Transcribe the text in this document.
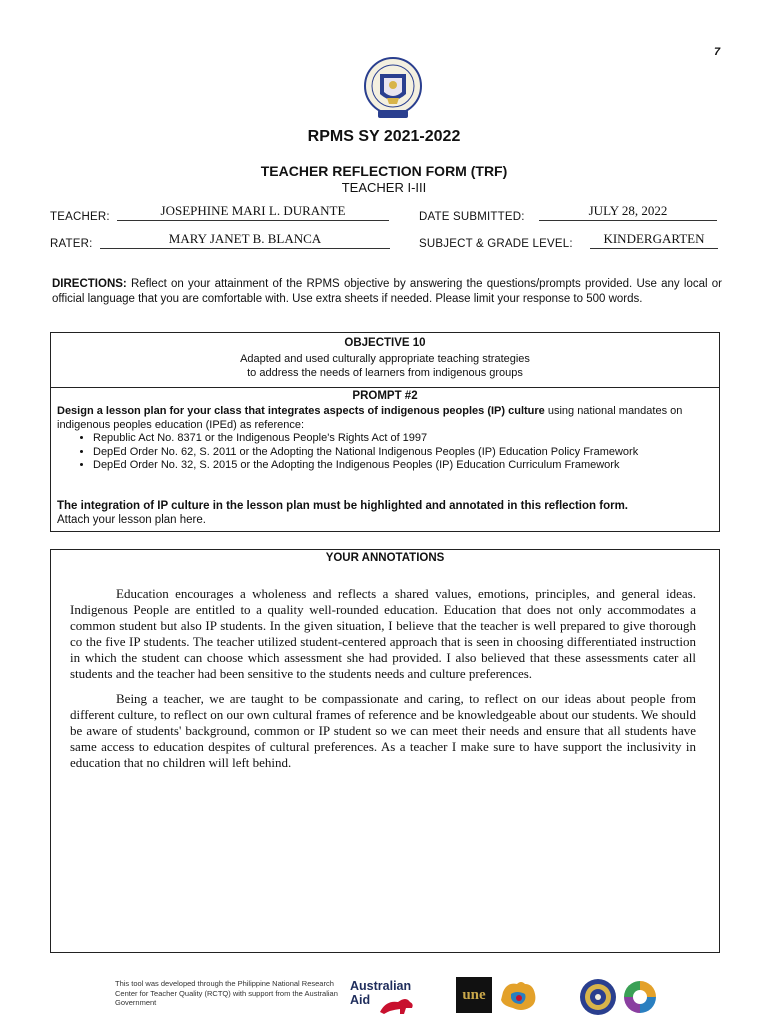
7
RPMS SY 2021-2022
TEACHER REFLECTION FORM (TRF)
TEACHER I-III
TEACHER:	JOSEPHINE MARI L. DURANTE	DATE SUBMITTED:	JULY 28, 2022
RATER:	MARY JANET B. BLANCA	SUBJECT & GRADE LEVEL:	KINDERGARTEN
DIRECTIONS: Reflect on your attainment of the RPMS objective by answering the questions/prompts provided. Use any local or official language that you are comfortable with. Use extra sheets if needed. Please limit your response to 500 words.
OBJECTIVE 10
Adapted and used culturally appropriate teaching strategies
to address the needs of learners from indigenous groups
PROMPT #2
Design a lesson plan for your class that integrates aspects of indigenous peoples (IP) culture using national mandates on indigenous peoples education (IPEd) as reference:
• Republic Act No. 8371 or the Indigenous People's Rights Act of 1997
• DepEd Order No. 62, S. 2011 or the Adopting the National Indigenous Peoples (IP) Education Policy Framework
• DepEd Order No. 32, S. 2015 or the Adopting the Indigenous Peoples (IP) Education Curriculum Framework
The integration of IP culture in the lesson plan must be highlighted and annotated in this reflection form.
Attach your lesson plan here.
YOUR ANNOTATIONS

Education encourages a wholeness and reflects a shared values, emotions, principles, and general ideas. Indigenous People are entitled to a quality well-rounded education. Education that does not only accommodates a common student but also IP students. In the given situation, I believe that the teacher is well prepared to give thorough co the five IP students. The teacher utilized student-centered approach that is seen in choosing differentiated instruction in which the student can choose which assessment she had provided. I also believed that these assessments cater all students and the teacher had been sensitive to the students needs and culture preferences.

Being a teacher, we are taught to be compassionate and caring, to reflect on our ideas about people from different culture, to reflect on our own cultural frames of reference and be knowledgeable about our students. We should be aware of students' background, common or IP student so we can meet their needs and ensure that all students have same access to education despites of cultural preferences. As a teacher I make sure to have support the inclusivity in education that no children will left behind.

This tool was developed through the Philippine National Research Center for Teacher Quality (RCTQ) with support from the Australian Government
Australian
Aid	une
